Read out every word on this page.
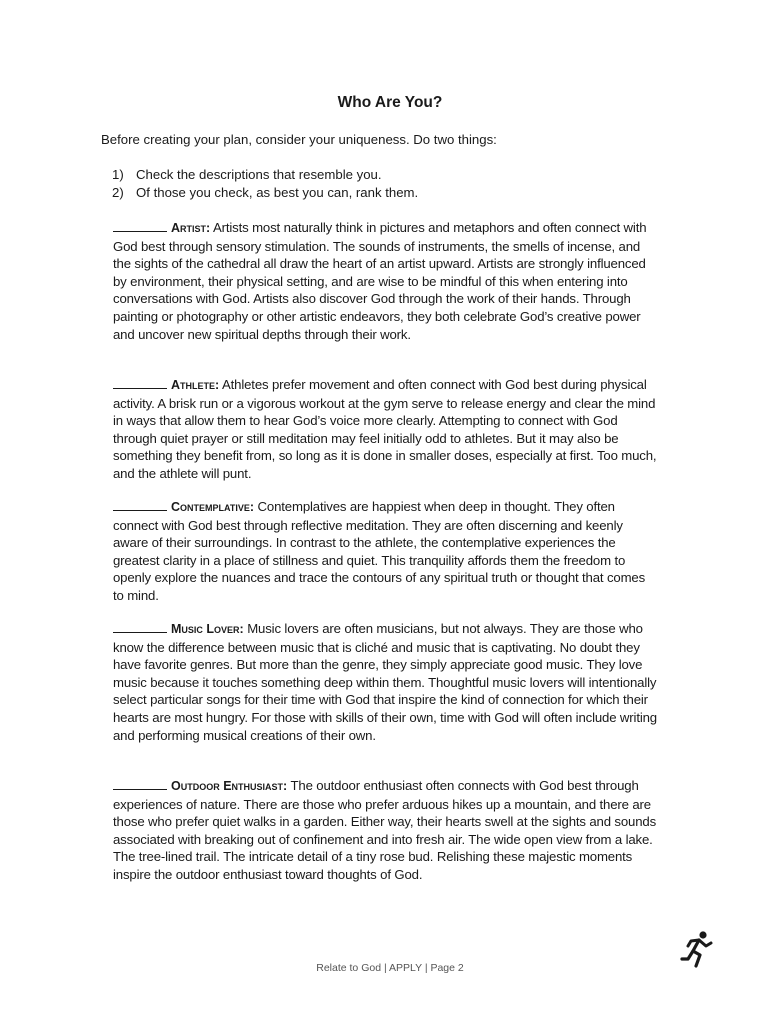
Who Are You?
Before creating your plan, consider your uniqueness. Do two things:
1) Check the descriptions that resemble you.
2) Of those you check, as best you can, rank them.
Artist: Artists most naturally think in pictures and metaphors and often connect with God best through sensory stimulation. The sounds of instruments, the smells of incense, and the sights of the cathedral all draw the heart of an artist upward. Artists are strongly influenced by environment, their physical setting, and are wise to be mindful of this when entering into conversations with God. Artists also discover God through the work of their hands. Through painting or photography or other artistic endeavors, they both celebrate God’s creative power and uncover new spiritual depths through their work.
Athlete: Athletes prefer movement and often connect with God best during physical activity. A brisk run or a vigorous workout at the gym serve to release energy and clear the mind in ways that allow them to hear God’s voice more clearly. Attempting to connect with God through quiet prayer or still meditation may feel initially odd to athletes. But it may also be something they benefit from, so long as it is done in smaller doses, especially at first. Too much, and the athlete will punt.
Contemplative: Contemplatives are happiest when deep in thought. They often connect with God best through reflective meditation. They are often discerning and keenly aware of their surroundings. In contrast to the athlete, the contemplative experiences the greatest clarity in a place of stillness and quiet. This tranquility affords them the freedom to openly explore the nuances and trace the contours of any spiritual truth or thought that comes to mind.
Music Lover: Music lovers are often musicians, but not always. They are those who know the difference between music that is cliché and music that is captivating. No doubt they have favorite genres. But more than the genre, they simply appreciate good music. They love music because it touches something deep within them. Thoughtful music lovers will intentionally select particular songs for their time with God that inspire the kind of connection for which their hearts are most hungry. For those with skills of their own, time with God will often include writing and performing musical creations of their own.
Outdoor Enthusiast: The outdoor enthusiast often connects with God best through experiences of nature. There are those who prefer arduous hikes up a mountain, and there are those who prefer quiet walks in a garden. Either way, their hearts swell at the sights and sounds associated with breaking out of confinement and into fresh air. The wide open view from a lake. The tree-lined trail. The intricate detail of a tiny rose bud. Relishing these majestic moments inspire the outdoor enthusiast toward thoughts of God.
Relate to God | APPLY | Page 2
